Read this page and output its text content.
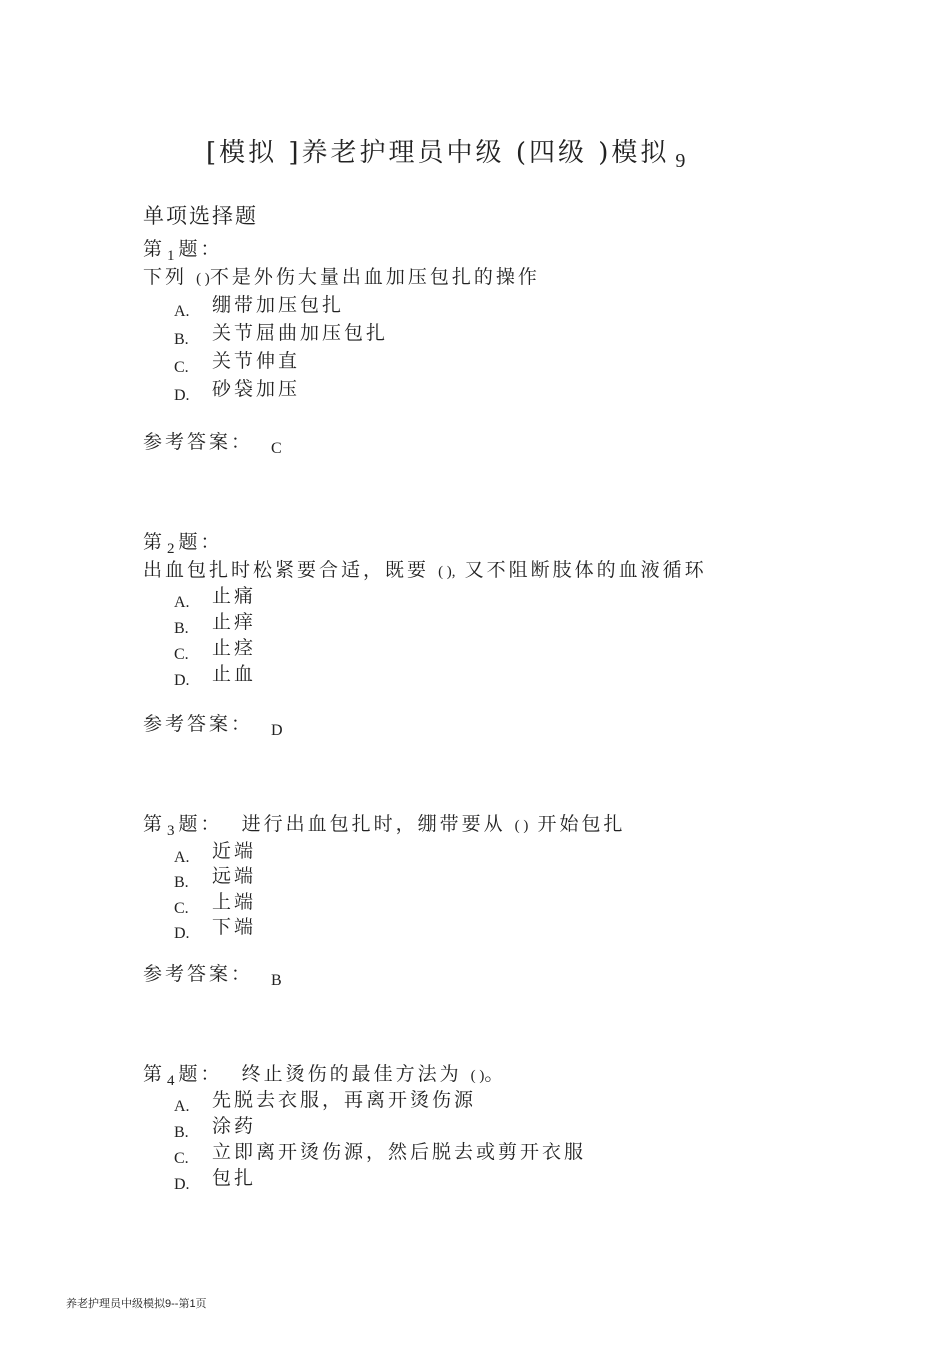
[模拟 ]养老护理员中级 (四级 )模拟 $_9$
单项选择题
第 $_1$ 题：
下列 ( )不是外伤大量出血加压包扎的操作
A. 绷带加压包扎
B. 关节屈曲加压包扎
C. 关节伸直
D. 砂袋加压
参考答案： $_C$
第 $_2$ 题：
出血包扎时松紧要合适，既要 ( ), 又不阻断肢体的血液循环
A. 止痛
B. 止痒
C. 止痉
D. 止血
参考答案： $_D$
第 $_3$ 题： 进行出血包扎时，绷带要从 ( ) 开始包扎
A. 近端
B. 远端
C. 上端
D. 下端
参考答案： $_B$
第 $_4$ 题： 终止烫伤的最佳方法为 ( )。
A. 先脱去衣服，再离开烫伤源
B. 涂药
C. 立即离开烫伤源，然后脱去或剪开衣服
D. 包扎
养老护理员中级模拟9--第1页
